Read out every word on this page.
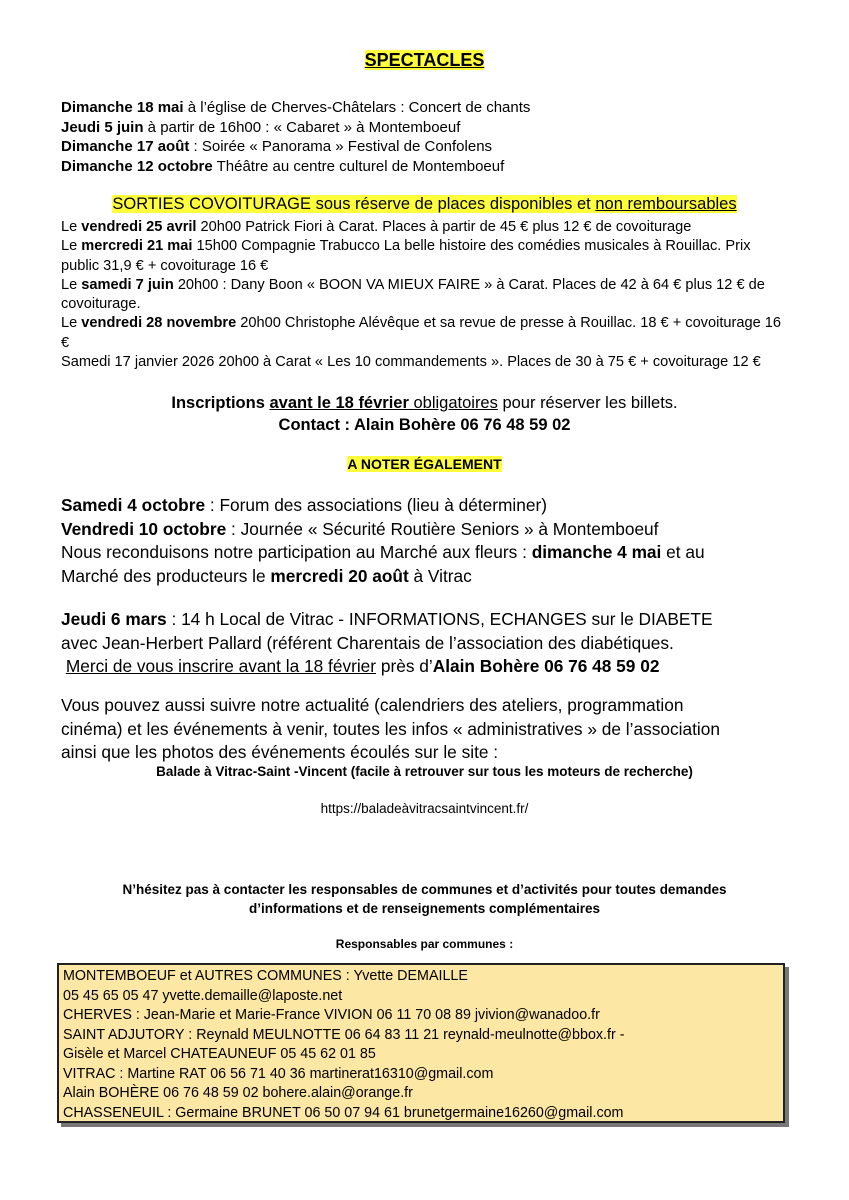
SPECTACLES
Dimanche 18 mai à l’église de Cherves-Châtelars : Concert de chants
Jeudi 5 juin à partir de 16h00 : « Cabaret » à Montemboeuf
Dimanche 17 août : Soirée « Panorama » Festival de Confolens
Dimanche 12 octobre Théâtre au centre culturel de Montemboeuf
SORTIES COVOITURAGE sous réserve de places disponibles et non remboursables
Le vendredi 25 avril 20h00 Patrick Fiori à Carat. Places à partir de 45 € plus 12 € de covoiturage
Le mercredi 21 mai 15h00 Compagnie Trabucco La belle histoire des comédies musicales à Rouillac. Prix public 31,9 € + covoiturage 16 €
Le samedi 7 juin 20h00 : Dany Boon « BOON VA MIEUX FAIRE » à Carat. Places de 42 à 64 € plus 12 € de covoiturage.
Le vendredi 28 novembre 20h00 Christophe Alévêque et sa revue de presse à Rouillac. 18 € + covoiturage 16 €
Samedi 17 janvier 2026 20h00 à Carat « Les 10 commandements ». Places de 30 à 75 € + covoiturage 12 €
Inscriptions avant le 18 février obligatoires pour réserver les billets.
Contact : Alain Bohère 06 76 48 59 02
A NOTER ÉGALEMENT
Samedi 4 octobre : Forum des associations (lieu à déterminer)
Vendredi 10 octobre : Journée « Sécurité Routière Seniors » à Montemboeuf
Nous reconduisons notre participation au Marché aux fleurs : dimanche 4 mai et au
Marché des producteurs le mercredi 20 août à Vitrac
Jeudi 6 mars : 14 h Local de Vitrac - INFORMATIONS, ECHANGES sur le DIABETE
avec Jean-Herbert Pallard (référent Charentais de l’association des diabétiques.
Merci de vous inscrire avant la 18 février près d’Alain Bohère 06 76 48 59 02
Vous pouvez aussi suivre notre actualité (calendriers des ateliers, programmation
cinéma) et les événements à venir, toutes les infos « administratives » de l’association
ainsi que les photos des événements écoulés sur le site :
Balade à Vitrac-Saint -Vincent (facile à retrouver sur tous les moteurs de recherche)
https://baladeàvitracsaintvincent.fr/
N’hésitez pas à contacter les responsables de communes et d’activités pour toutes demandes
d’informations et de renseignements complémentaires
Responsables par communes :
MONTEMBOEUF et AUTRES COMMUNES : Yvette DEMAILLE
05 45 65 05 47 yvette.demaille@laposte.net
CHERVES : Jean-Marie et Marie-France VIVION 06 11 70 08 89 jvivion@wanadoo.fr
SAINT ADJUTORY : Reynald MEULNOTTE 06 64 83 11 21 reynald-meulnotte@bbox.fr -
Gisèle et Marcel CHATEAUNEUF 05 45 62 01 85
VITRAC : Martine RAT 06 56 71 40 36 martinerat16310@gmail.com
Alain BOHÈRE 06 76 48 59 02 bohere.alain@orange.fr
CHASSENEUIL : Germaine BRUNET 06 50 07 94 61 brunetgermaine16260@gmail.com
